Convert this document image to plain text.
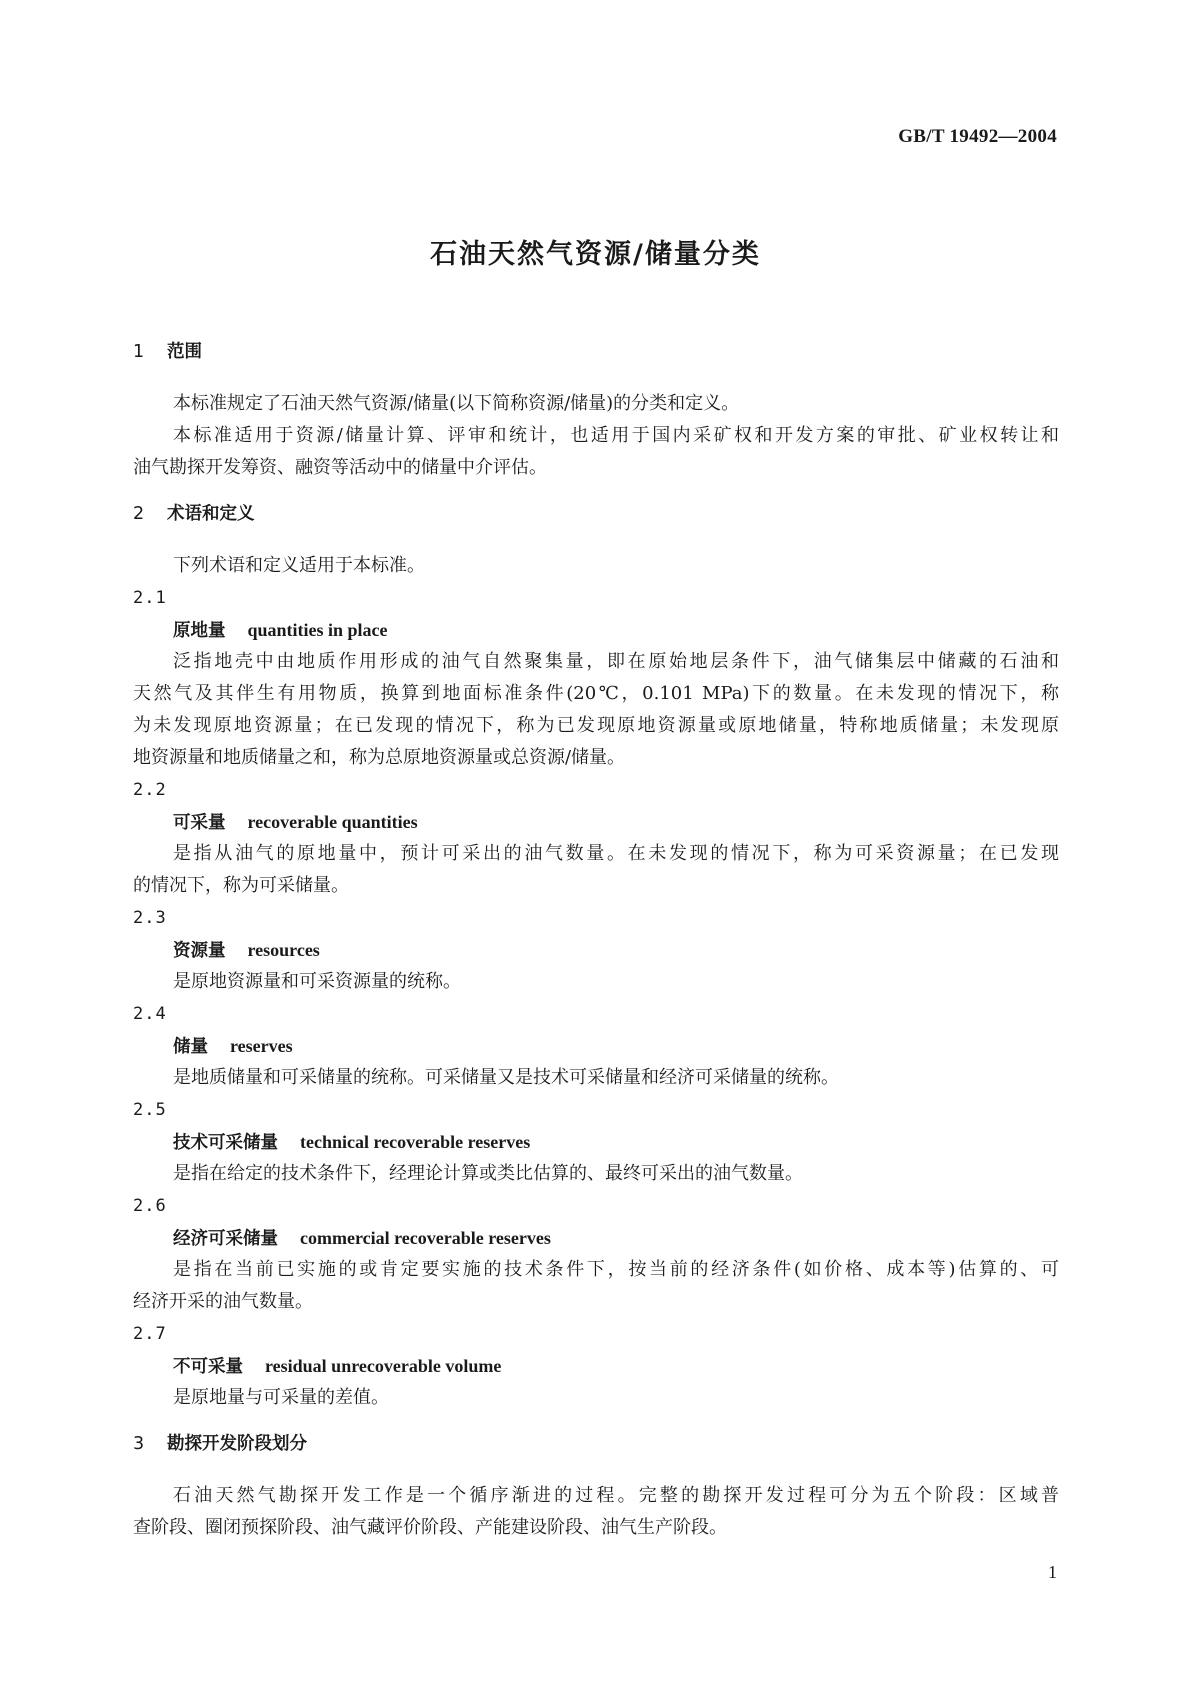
GB/T 19492—2004
石油天然气资源/储量分类
1 范围
本标准规定了石油天然气资源/储量(以下简称资源/储量)的分类和定义。
本标准适用于资源/储量计算、评审和统计，也适用于国内采矿权和开发方案的审批、矿业权转让和
油气勘探开发筹资、融资等活动中的储量中介评估。
2 术语和定义
下列术语和定义适用于本标准。
2.1
原地量 quantities in place
泛指地壳中由地质作用形成的油气自然聚集量，即在原始地层条件下，油气储集层中储藏的石油和
天然气及其伴生有用物质，换算到地面标准条件(20℃，0.101 MPa)下的数量。在未发现的情况下，称
为未发现原地资源量；在已发现的情况下，称为已发现原地资源量或原地储量，特称地质储量；未发现原
地资源量和地质储量之和，称为总原地资源量或总资源/储量。
2.2
可采量 recoverable quantities
是指从油气的原地量中，预计可采出的油气数量。在未发现的情况下，称为可采资源量；在已发现
的情况下，称为可采储量。
2.3
资源量 resources
是原地资源量和可采资源量的统称。
2.4
储量 reserves
是地质储量和可采储量的统称。可采储量又是技术可采储量和经济可采储量的统称。
2.5
技术可采储量 technical recoverable reserves
是指在给定的技术条件下，经理论计算或类比估算的、最终可采出的油气数量。
2.6
经济可采储量 commercial recoverable reserves
是指在当前已实施的或肯定要实施的技术条件下，按当前的经济条件(如价格、成本等)估算的、可
经济开采的油气数量。
2.7
不可采量 residual unrecoverable volume
是原地量与可采量的差值。
3 勘探开发阶段划分
石油天然气勘探开发工作是一个循序渐进的过程。完整的勘探开发过程可分为五个阶段：区域普
查阶段、圈闭预探阶段、油气藏评价阶段、产能建设阶段、油气生产阶段。
1
